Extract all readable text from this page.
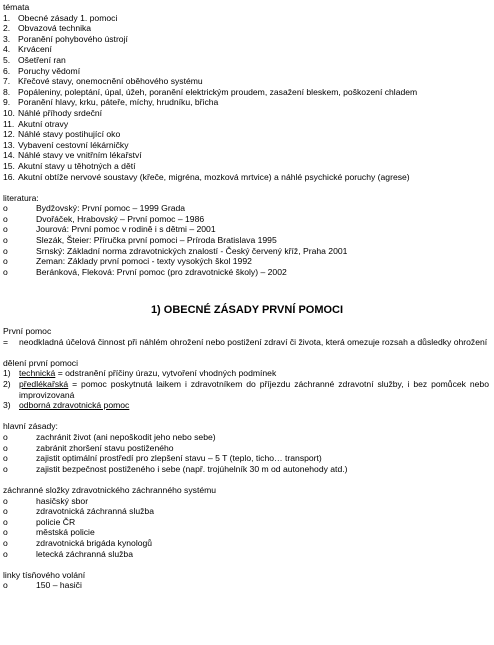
témata
1. Obecné zásady 1. pomoci
2. Obvazová technika
3. Poranění pohybového ústrojí
4. Krvácení
5. Ošetření ran
6. Poruchy vědomí
7. Křečové stavy, onemocnění oběhového systému
8. Popáleniny, poleptání, úpal, úžeh, poranění elektrickým proudem, zasažení bleskem, poškození chladem
9. Poranění hlavy, krku, páteře, míchy, hrudníku, břicha
10. Náhlé příhody srdeční
11. Akutní otravy
12. Náhlé stavy postihující oko
13. Vybavení cestovní lékárničky
14. Náhlé stavy ve vnitřním lékařství
15. Akutní stavy u těhotných a dětí
16. Akutní obtíže nervové soustavy (křeče, migréna, mozková mrtvice) a náhlé psychické poruchy (agrese)
literatura:
o	Bydžovský: První pomoc – 1999 Grada
o	Dvořáček, Hrabovský – První pomoc – 1986
o	Jourová: První pomoc v rodině i s dětmi – 2001
o	Slezák, Šteier: Příručka první pomoci – Príroda Bratislava 1995
o	Srnský: Základní norma zdravotnických znalostí - Český červený kříž, Praha 2001
o	Zeman: Základy první pomoci - texty vysokých škol 1992
o	Beránková, Fleková: První pomoc (pro zdravotnické školy) – 2002
1) OBECNÉ ZÁSADY PRVNÍ POMOCI
První pomoc
=	neodkladná účelová činnost při náhlém ohrožení nebo postižení zdraví či života, která omezuje rozsah a důsledky ohrožení
dělení první pomoci
1) technická = odstranění příčiny úrazu, vytvoření vhodných podmínek
2) předlékařská = pomoc poskytnutá laikem i zdravotníkem do příjezdu záchranné zdravotní služby, i bez pomůcek nebo improvizovaná
3) odborná zdravotnická pomoc
hlavní zásady:
o	zachránit život (ani nepoškodit jeho nebo sebe)
o	zabránit zhoršení stavu postiženého
o	zajistit optimální prostředí pro zlepšení stavu – 5 T (teplo, ticho… transport)
o	zajistit bezpečnost postiženého i sebe (např. trojúhelník 30 m od autonehody atd.)
záchranné složky zdravotnického záchranného systému
o	hasičský sbor
o	zdravotnická záchranná služba
o	policie ČR
o	městská policie
o	zdravotnická brigáda kynologů
o	letecká záchranná služba
linky tísňového volání
o	150 – hasiči
